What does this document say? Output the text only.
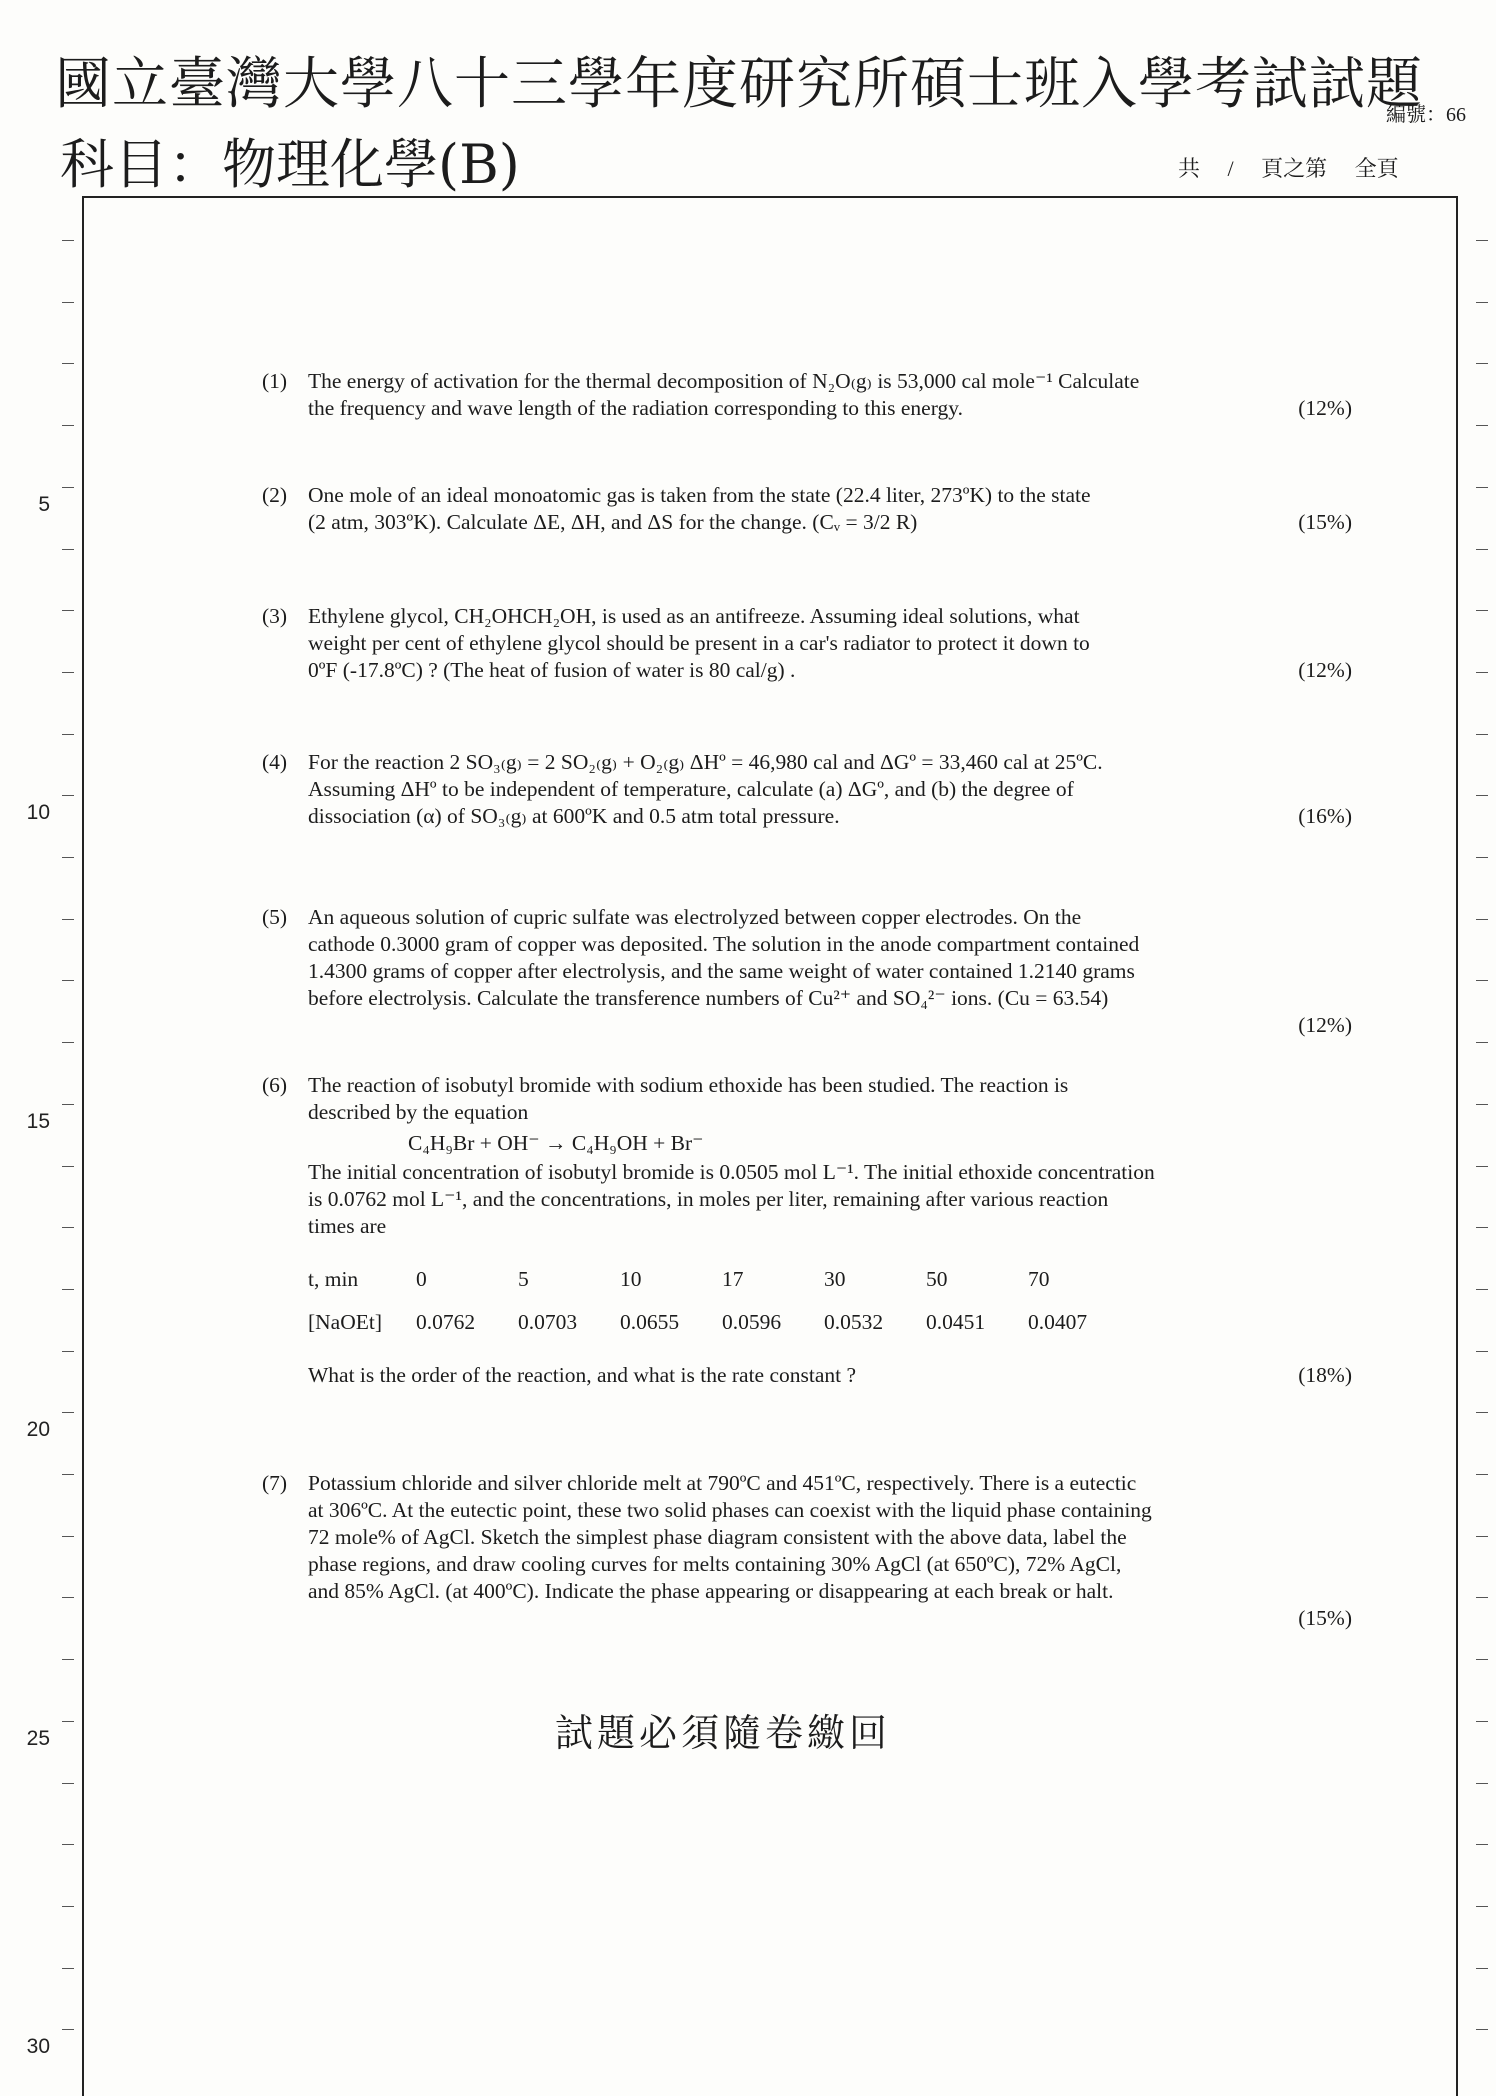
國立臺灣大學八十三學年度研究所碩士班入學考試試題
科目：物理化學(B)
編號：66
共 / 頁之第 全頁
5
10
15
20
25
30
(1) The energy of activation for the thermal decomposition of N₂O₍g₎ is 53,000 cal mole⁻¹ Calculate
the frequency and wave length of the radiation corresponding to this energy.	(12%)
(2) One mole of an ideal monoatomic gas is taken from the state (22.4 liter, 273ºK) to the state
(2 atm, 303ºK). Calculate ΔE, ΔH, and ΔS for the change. (Cᵥ = 3/2 R)	(15%)
(3) Ethylene glycol, CH₂OHCH₂OH, is used as an antifreeze. Assuming ideal solutions, what
weight per cent of ethylene glycol should be present in a car's radiator to protect it down to
0ºF (-17.8ºC) ? (The heat of fusion of water is 80 cal/g) .	(12%)
(4) For the reaction 2 SO₃₍g₎ = 2 SO₂₍g₎ + O₂₍g₎ ΔHº = 46,980 cal and ΔGº = 33,460 cal at 25ºC.
Assuming ΔHº to be independent of temperature, calculate (a) ΔGº, and (b) the degree of
dissociation (α) of SO₃₍g₎ at 600ºK and 0.5 atm total pressure.	(16%)
(5) An aqueous solution of cupric sulfate was electrolyzed between copper electrodes. On the
cathode 0.3000 gram of copper was deposited. The solution in the anode compartment contained
1.4300 grams of copper after electrolysis, and the same weight of water contained 1.2140 grams
before electrolysis. Calculate the transference numbers of Cu²⁺ and SO₄²⁻ ions. (Cu = 63.54)
(12%)
(6) The reaction of isobutyl bromide with sodium ethoxide has been studied. The reaction is
described by the equation
C₄H₉Br + OH⁻ → C₄H₉OH + Br⁻
The initial concentration of isobutyl bromide is 0.0505 mol L⁻¹. The initial ethoxide concentration
is 0.0762 mol L⁻¹, and the concentrations, in moles per liter, remaining after various reaction
times are
t, min	0	5	10	17	30	50	70
[NaOEt]	0.0762	0.0703	0.0655	0.0596	0.0532	0.0451	0.0407
What is the order of the reaction, and what is the rate constant ?	(18%)
(7) Potassium chloride and silver chloride melt at 790ºC and 451ºC, respectively. There is a eutectic
at 306ºC. At the eutectic point, these two solid phases can coexist with the liquid phase containing
72 mole% of AgCl. Sketch the simplest phase diagram consistent with the above data, label the
phase regions, and draw cooling curves for melts containing 30% AgCl (at 650ºC), 72% AgCl,
and 85% AgCl. (at 400ºC). Indicate the phase appearing or disappearing at each break or halt.
(15%)
試題必須隨卷繳回
